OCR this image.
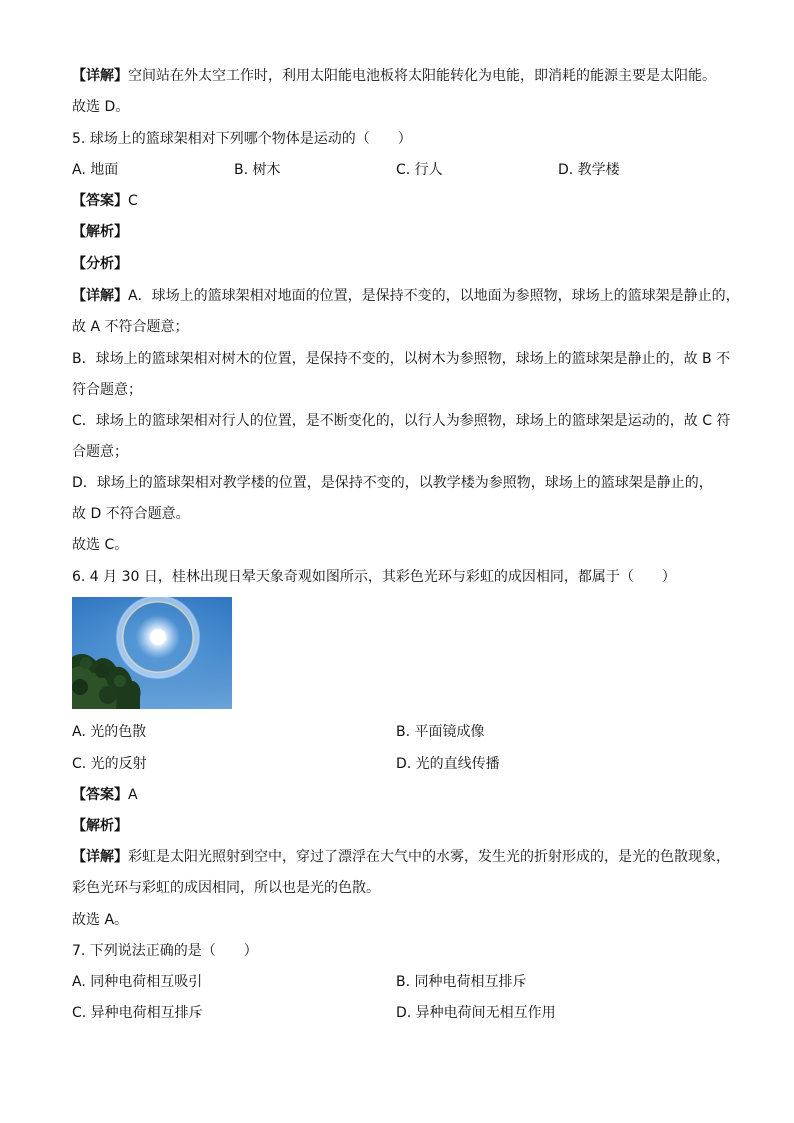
【详解】空间站在外太空工作时，利用太阳能电池板将太阳能转化为电能，即消耗的能源主要是太阳能。
故选 D。
5. 球场上的篮球架相对下列哪个物体是运动的（　　）
A. 地面	B. 树木	C. 行人	D. 教学楼
【答案】C
【解析】
【分析】
【详解】A．球场上的篮球架相对地面的位置，是保持不变的，以地面为参照物，球场上的篮球架是静止的，
故 A 不符合题意；
B．球场上的篮球架相对树木的位置，是保持不变的，以树木为参照物，球场上的篮球架是静止的，故 B 不
符合题意；
C．球场上的篮球架相对行人的位置，是不断变化的，以行人为参照物，球场上的篮球架是运动的，故 C 符
合题意；
D．球场上的篮球架相对教学楼的位置，是保持不变的，以教学楼为参照物，球场上的篮球架是静止的，
故 D 不符合题意。
故选 C。
6. 4 月 30 日，桂林出现日晕天象奇观如图所示，其彩色光环与彩虹的成因相同，都属于（　　）
A. 光的色散	B. 平面镜成像
C. 光的反射	D. 光的直线传播
【答案】A
【解析】
【详解】彩虹是太阳光照射到空中，穿过了漂浮在大气中的水雾，发生光的折射形成的，是光的色散现象，
彩色光环与彩虹的成因相同，所以也是光的色散。
故选 A。
7. 下列说法正确的是（　　）
A. 同种电荷相互吸引	B. 同种电荷相互排斥
C. 异种电荷相互排斥	D. 异种电荷间无相互作用
